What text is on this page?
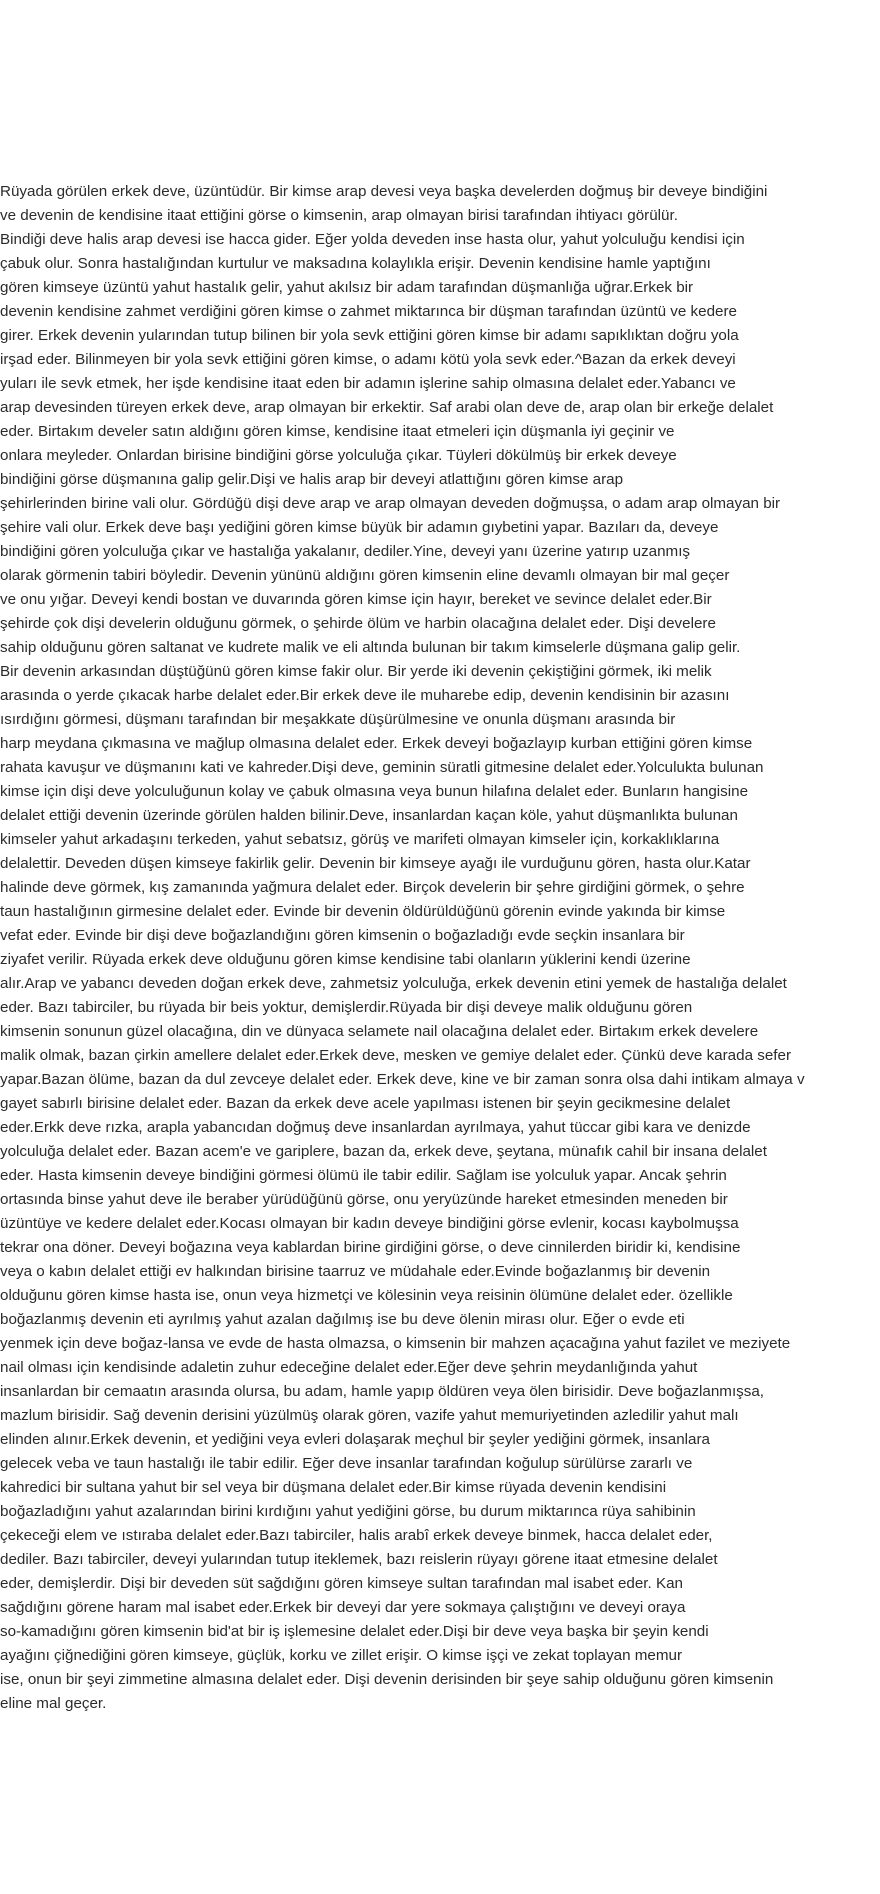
Rüyada görülen erkek deve, üzüntüdür. Bir kimse arap devesi veya başka develerden doğmuş bir deveye bindiğini
ve devenin de kendisine itaat ettiğini görse o kimsenin, arap olmayan birisi tarafından ihtiyacı görülür.
Bindiği deve halis arap devesi ise hacca gider. Eğer yolda deveden inse hasta olur, yahut yolculuğu kendisi için
çabuk olur. Sonra hastalığından kurtulur ve maksadına kolaylıkla erişir. Devenin kendisine hamle yaptığını
gören kimseye üzüntü yahut hastalık gelir, yahut akılsız bir adam tarafından düşmanlığa uğrar.Erkek bir
devenin kendisine zahmet verdiğini gören kimse o zahmet miktarınca bir düşman tarafından üzüntü ve kedere
girer. Erkek devenin yularından tutup bilinen bir yola sevk ettiğini gören kimse bir adamı sapıklıktan doğru yola
irşad eder. Bilinmeyen bir yola sevk ettiğini gören kimse, o adamı kötü yola sevk eder.^Bazan da erkek deveyi
yuları ile sevk etmek, her işde kendisine itaat eden bir adamın işlerine sahip olmasına delalet eder.Yabancı ve
arap devesinden türeyen erkek deve, arap olmayan bir erkektir. Saf arabi olan deve de, arap olan bir erkeğe delalet
eder. Birtakım develer satın aldığını gören kimse, kendisine itaat etmeleri için düşmanla iyi geçinir ve
onlara meyleder. Onlardan birisine bindiğini görse yolculuğa çıkar. Tüyleri dökülmüş bir erkek deveye
bindiğini görse düşmanına galip gelir.Dişi ve halis arap bir deveyi atlattığını gören kimse arap
şehirlerinden birine vali olur. Gördüğü dişi deve arap ve arap olmayan deveden doğmuşsa, o adam arap olmayan bir
şehire vali olur. Erkek deve başı yediğini gören kimse büyük bir adamın gıybetini yapar. Bazıları da, deveye
bindiğini gören yolculuğa çıkar ve hastalığa yakalanır, dediler.Yine, deveyi yanı üzerine yatırıp uzanmış
olarak görmenin tabiri böyledir. Devenin yününü aldığını gören kimsenin eline devamlı olmayan bir mal geçer
ve onu yığar. Deveyi kendi bostan ve duvarında gören kimse için hayır, bereket ve sevince delalet eder.Bir
şehirde çok dişi develerin olduğunu görmek, o şehirde ölüm ve harbin olacağına delalet eder. Dişi develere
sahip olduğunu gören saltanat ve kudrete malik ve eli altında bulunan bir takım kimselerle düşmana galip gelir.
Bir devenin arkasından düştüğünü gören kimse fakir olur. Bir yerde iki devenin çekiştiğini görmek, iki melik
arasında o yerde çıkacak harbe delalet eder.Bir erkek deve ile muharebe edip, devenin kendisinin bir azasını
ısırdığını görmesi, düşmanı tarafından bir meşakkate düşürülmesine ve onunla düşmanı arasında bir
harp meydana çıkmasına ve mağlup olmasına delalet eder. Erkek deveyi boğazlayıp kurban ettiğini gören kimse
rahata kavuşur ve düşmanını kati ve kahreder.Dişi deve, geminin süratli gitmesine delalet eder.Yolculukta bulunan
kimse için dişi deve yolculuğunun kolay ve çabuk olmasına veya bunun hilafına delalet eder. Bunların hangisine
delalet ettiği devenin üzerinde görülen halden bilinir.Deve, insanlardan kaçan köle, yahut düşmanlıkta bulunan
kimseler yahut arkadaşını terkeden, yahut sebatsız, görüş ve marifeti olmayan kimseler için, korkaklıklarına
delalettir. Deveden düşen kimseye fakirlik gelir. Devenin bir kimseye ayağı ile vurduğunu gören, hasta olur.Katar
halinde deve görmek, kış zamanında yağmura delalet eder. Birçok develerin bir şehre girdiğini görmek, o şehre
taun hastalığının girmesine delalet eder. Evinde bir devenin öldürüldüğünü görenin evinde yakında bir kimse
vefat eder. Evinde bir dişi deve boğazlandığını gören kimsenin o boğazladığı evde seçkin insanlara bir
ziyafet verilir. Rüyada erkek deve olduğunu gören kimse kendisine tabi olanların yüklerini kendi üzerine
alır.Arap ve yabancı deveden doğan erkek deve, zahmetsiz yolculuğa, erkek devenin etini yemek de hastalığa delalet
eder. Bazı tabirciler, bu rüyada bir beis yoktur, demişlerdir.Rüyada bir dişi deveye malik olduğunu gören
kimsenin sonunun güzel olacağına, din ve dünyaca selamete nail olacağına delalet eder. Birtakım erkek develere
malik olmak, bazan çirkin amellere delalet eder.Erkek deve, mesken ve gemiye delalet eder. Çünkü deve karada sefer
yapar.Bazan ölüme, bazan da dul zevceye delalet eder. Erkek deve, kine ve bir zaman sonra olsa dahi intikam almaya v
gayet sabırlı birisine delalet eder. Bazan da erkek deve acele yapılması istenen bir şeyin gecikmesine delalet
eder.Erkk deve rızka, arapla yabancıdan doğmuş deve insanlardan ayrılmaya, yahut tüccar gibi kara ve denizde
yolculuğa delalet eder. Bazan acem'e ve gariplere, bazan da, erkek deve, şeytana, münafık cahil bir insana delalet
eder. Hasta kimsenin deveye bindiğini görmesi ölümü ile tabir edilir. Sağlam ise yolculuk yapar. Ancak şehrin
ortasında binse yahut deve ile beraber yürüdüğünü görse, onu yeryüzünde hareket etmesinden meneden bir
üzüntüye ve kedere delalet eder.Kocası olmayan bir kadın deveye bindiğini görse evlenir, kocası kaybolmuşsa
tekrar ona döner. Deveyi boğazına veya kablardan birine girdiğini görse, o deve cinnilerden biridir ki, kendisine
veya o kabın delalet ettiği ev halkından birisine taarruz ve müdahale eder.Evinde boğazlanmış bir devenin
olduğunu gören kimse hasta ise, onun veya hizmetçi ve kölesinin veya reisinin ölümüne delalet eder. özellikle
boğazlanmış devenin eti ayrılmış yahut azalan dağılmış ise bu deve ölenin mirası olur. Eğer o evde eti
yenmek için deve boğaz-lansa ve evde de hasta olmazsa, o kimsenin bir mahzen açacağına yahut fazilet ve meziyete
nail olması için kendisinde adaletin zuhur edeceğine delalet eder.Eğer deve şehrin meydanlığında yahut
insanlardan bir cemaatın arasında olursa, bu adam, hamle yapıp öldüren veya ölen birisidir. Deve boğazlanmışsa,
mazlum birisidir. Sağ devenin derisini yüzülmüş olarak gören, vazife yahut memuriyetinden azledilir yahut malı
elinden alınır.Erkek devenin, et yediğini veya evleri dolaşarak meçhul bir şeyler yediğini görmek, insanlara
gelecek veba ve taun hastalığı ile tabir edilir. Eğer deve insanlar tarafından koğulup sürülürse zararlı ve
kahredici bir sultana yahut bir sel veya bir düşmana delalet eder.Bir kimse rüyada devenin kendisini
boğazladığını yahut azalarından birini kırdığını yahut yediğini görse, bu durum miktarınca rüya sahibinin
çekeceği elem ve ıstıraba delalet eder.Bazı tabirciler, halis arabî erkek deveye binmek, hacca delalet eder,
dediler. Bazı tabirciler, deveyi yularından tutup iteklemek, bazı reislerin rüyayı görene itaat etmesine delalet
eder, demişlerdir. Dişi bir deveden süt sağdığını gören kimseye sultan tarafından mal isabet eder. Kan
sağdığını görene haram mal isabet eder.Erkek bir deveyi dar yere sokmaya çalıştığını ve deveyi oraya
so-kamadığını gören kimsenin bid'at bir iş işlemesine delalet eder.Dişi bir deve veya başka bir şeyin kendi
ayağını çiğnediğini gören kimseye, güçlük, korku ve zillet erişir. O kimse işçi ve zekat toplayan memur
ise, onun bir şeyi zimmetine almasına delalet eder. Dişi devenin derisinden bir şeye sahip olduğunu gören kimsenin
eline mal geçer.
